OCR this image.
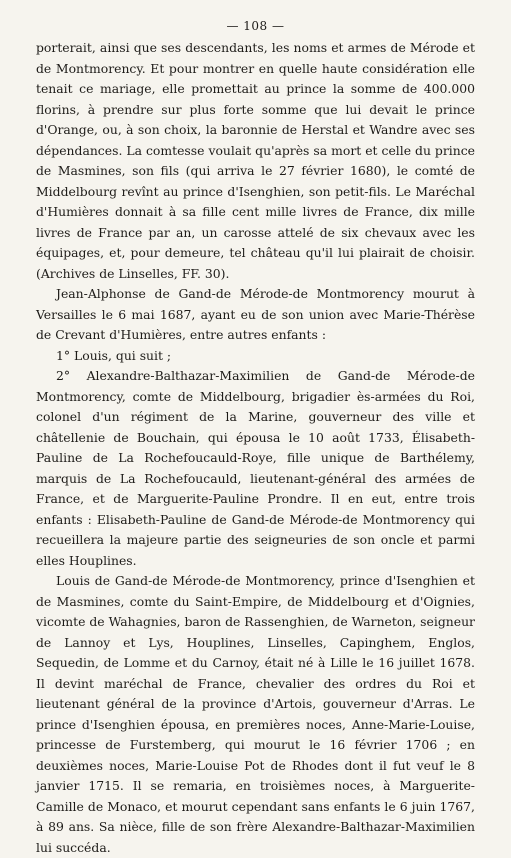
— 108 —

porterait, ainsi que ses descendants, les noms et armes de Mérode et de Montmorency. Et pour montrer en quelle haute considération elle tenait ce mariage, elle promettait au prince la somme de 400.000 florins, à prendre sur plus forte somme que lui devait le prince d'Orange, ou, à son choix, la baronnie de Herstal et Wandre avec ses dépendances. La comtesse voulait qu'après sa mort et celle du prince de Masmines, son fils (qui arriva le 27 février 1680), le comté de Middelbourg revînt au prince d'Isenghien, son petit-fils. Le Maréchal d'Humières donnait à sa fille cent mille livres de France, dix mille livres de France par an, un carosse attelé de six chevaux avec les équipages, et, pour demeure, tel château qu'il lui plairait de choisir. (Archives de Linselles, FF. 30).

Jean-Alphonse de Gand-de Mérode-de Montmorency mourut à Versailles le 6 mai 1687, ayant eu de son union avec Marie-Thérèse de Crevant d'Humières, entre autres enfants :

1° Louis, qui suit ;

2° Alexandre-Balthazar-Maximilien de Gand-de Mérode-de Montmorency, comte de Middelbourg, brigadier ès-armées du Roi, colonel d'un régiment de la Marine, gouverneur des ville et châtellenie de Bouchain, qui épousa le 10 août 1733, Élisabeth-Pauline de La Rochefoucauld-Roye, fille unique de Barthélemy, marquis de La Rochefoucauld, lieutenant-général des armées de France, et de Marguerite-Pauline Prondre. Il en eut, entre trois enfants : Elisabeth-Pauline de Gand-de Mérode-de Montmorency qui recueillera la majeure partie des seigneuries de son oncle et parmi elles Houplines.

Louis de Gand-de Mérode-de Montmorency, prince d'Isenghien et de Masmines, comte du Saint-Empire, de Middelbourg et d'Oignies, vicomte de Wahagnies, baron de Rassenghien, de Warneton, seigneur de Lannoy et Lys, Houplines, Linselles, Capinghem, Englos, Sequedin, de Lomme et du Carnoy, était né à Lille le 16 juillet 1678. Il devint maréchal de France, chevalier des ordres du Roi et lieutenant général de la province d'Artois, gouverneur d'Arras. Le prince d'Isenghien épousa, en premières noces, Anne-Marie-Louise, princesse de Furstemberg, qui mourut le 16 février 1706 ; en deuxièmes noces, Marie-Louise Pot de Rhodes dont il fut veuf le 8 janvier 1715. Il se remaria, en troisièmes noces, à Marguerite-Camille de Monaco, et mourut cependant sans enfants le 6 juin 1767, à 89 ans. Sa nièce, fille de son frère Alexandre-Balthazar-Maximilien lui succéda.
